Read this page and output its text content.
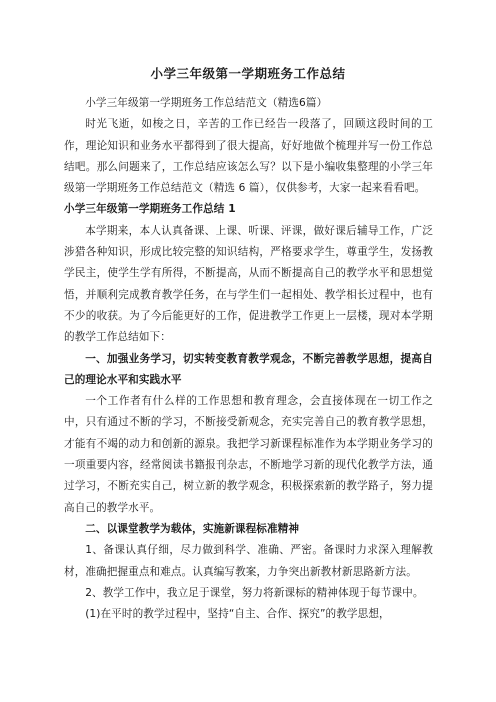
小学三年级第一学期班务工作总结

小学三年级第一学期班务工作总结范文（精选6篇）

时光飞逝，如梭之日，辛苦的工作已经告一段落了，回顾这段时间的工作，理论知识和业务水平都得到了很大提高，好好地做个梳理并写一份工作总结吧。那么问题来了，工作总结应该怎么写？以下是小编收集整理的小学三年级第一学期班务工作总结范文（精选 6 篇），仅供参考，大家一起来看看吧。

小学三年级第一学期班务工作总结 1

本学期来，本人认真备课、上课、听课、评课，做好课后辅导工作，广泛涉猎各种知识，形成比较完整的知识结构，严格要求学生，尊重学生，发扬教学民主，使学生学有所得，不断提高，从而不断提高自己的教学水平和思想觉悟，并顺利完成教育教学任务，在与学生们一起相处、教学相长过程中，也有不少的收获。为了今后能更好的工作，促进教学工作更上一层楼，现对本学期的教学工作总结如下：

一、加强业务学习，切实转变教育教学观念，不断完善教学思想，提高自己的理论水平和实践水平

一个工作者有什么样的工作思想和教育理念，会直接体现在一切工作之中，只有通过不断的学习，不断接受新观念，充实完善自己的教育教学思想，才能有不竭的动力和创新的源泉。我把学习新课程标准作为本学期业务学习的一项重要内容，经常阅读书籍报刊杂志，不断地学习新的现代化教学方法，通过学习，不断充实自己，树立新的教学观念，积极探索新的教学路子，努力提高自己的教学水平。

二、以课堂教学为载体，实施新课程标准精神

1、备课认真仔细，尽力做到科学、准确、严密。备课时力求深入理解教材，准确把握重点和难点。认真编写教案，力争突出新教材新思路新方法。

2、教学工作中，我立足于课堂，努力将新课标的精神体现于每节课中。

(1)在平时的教学过程中，坚持“自主、合作、探究”的教学思想，
